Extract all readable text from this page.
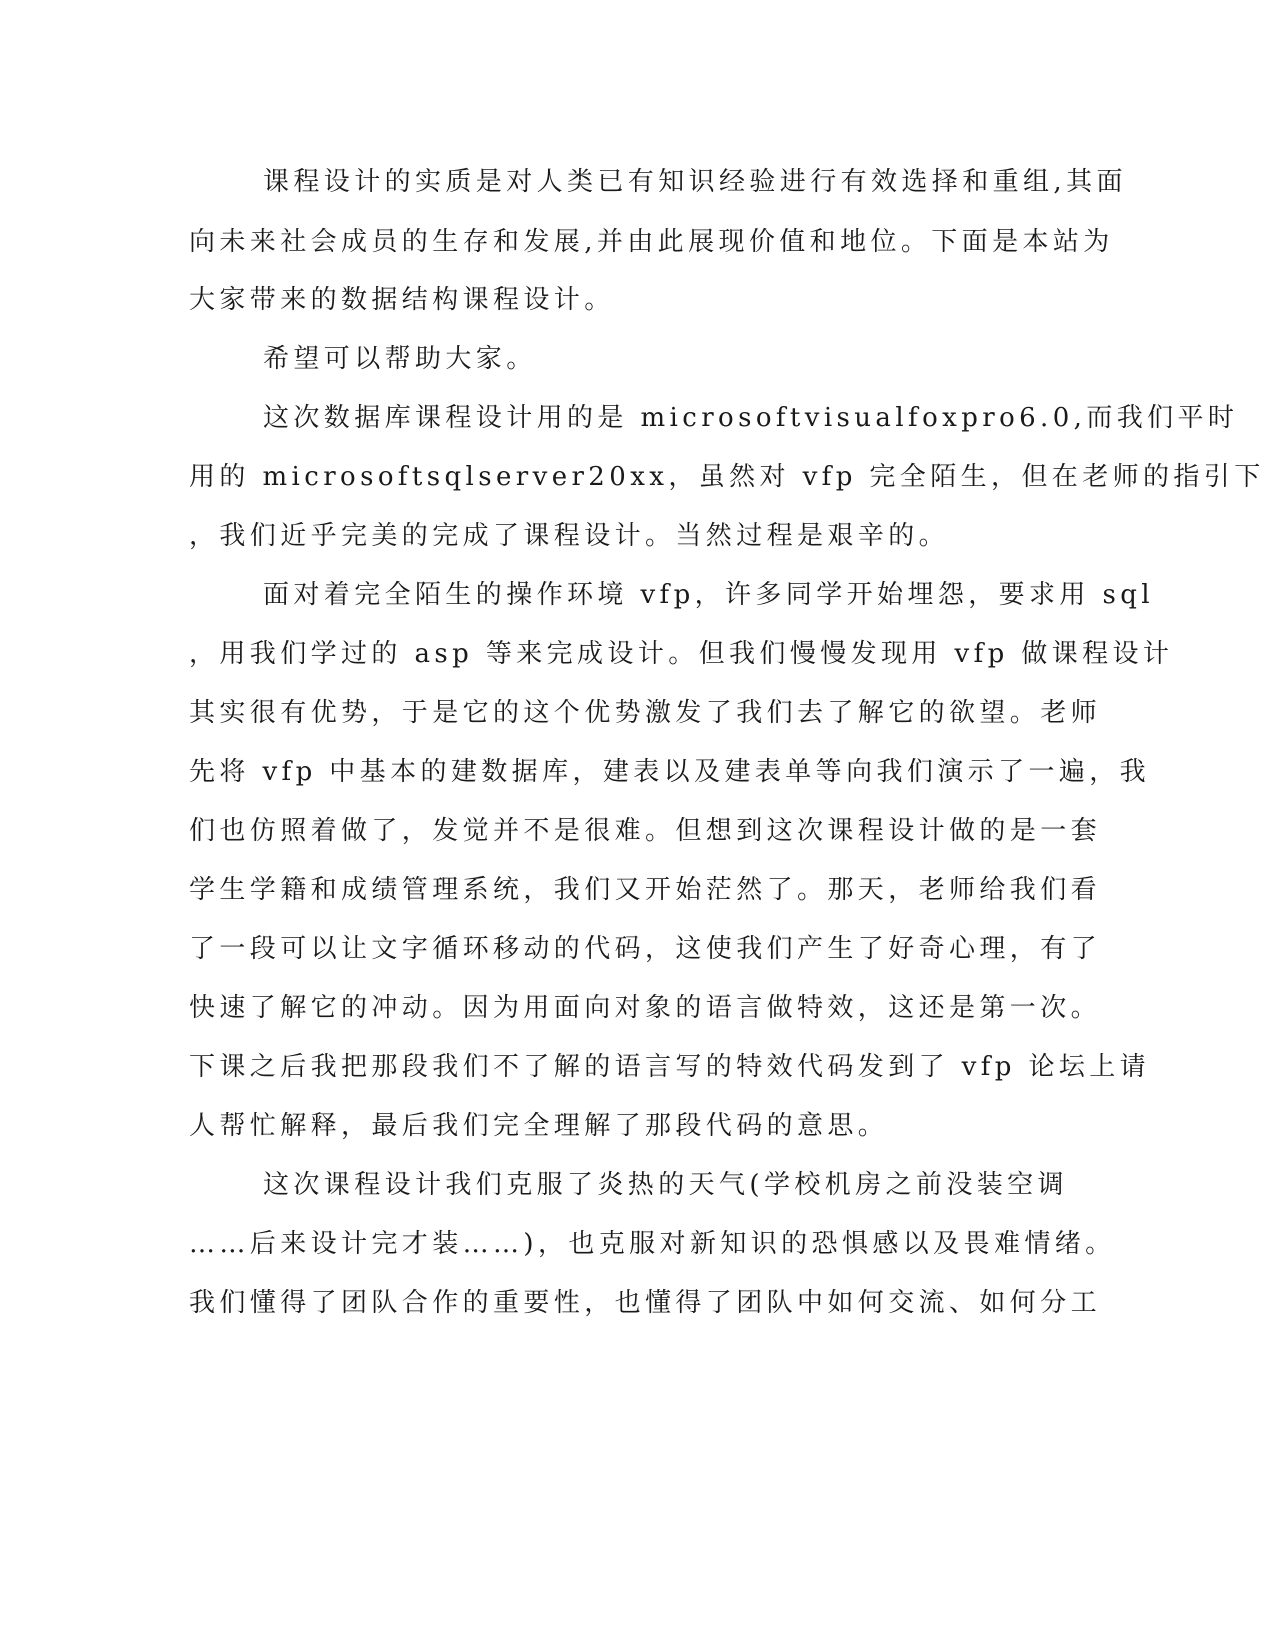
课程设计的实质是对人类已有知识经验进行有效选择和重组,其面
向未来社会成员的生存和发展,并由此展现价值和地位。下面是本站为
大家带来的数据结构课程设计。
希望可以帮助大家。
这次数据库课程设计用的是 microsoftvisualfoxpro6.0,而我们平时
用的 microsoftsqlserver20xx，虽然对 vfp 完全陌生，但在老师的指引下
，我们近乎完美的完成了课程设计。当然过程是艰辛的。
面对着完全陌生的操作环境 vfp，许多同学开始埋怨，要求用 sql
，用我们学过的 asp 等来完成设计。但我们慢慢发现用 vfp 做课程设计
其实很有优势，于是它的这个优势激发了我们去了解它的欲望。老师
先将 vfp 中基本的建数据库，建表以及建表单等向我们演示了一遍，我
们也仿照着做了，发觉并不是很难。但想到这次课程设计做的是一套
学生学籍和成绩管理系统，我们又开始茫然了。那天，老师给我们看
了一段可以让文字循环移动的代码，这使我们产生了好奇心理，有了
快速了解它的冲动。因为用面向对象的语言做特效，这还是第一次。
下课之后我把那段我们不了解的语言写的特效代码发到了 vfp 论坛上请
人帮忙解释，最后我们完全理解了那段代码的意思。
这次课程设计我们克服了炎热的天气(学校机房之前没装空调
……后来设计完才装……)，也克服对新知识的恐惧感以及畏难情绪。
我们懂得了团队合作的重要性，也懂得了团队中如何交流、如何分工
